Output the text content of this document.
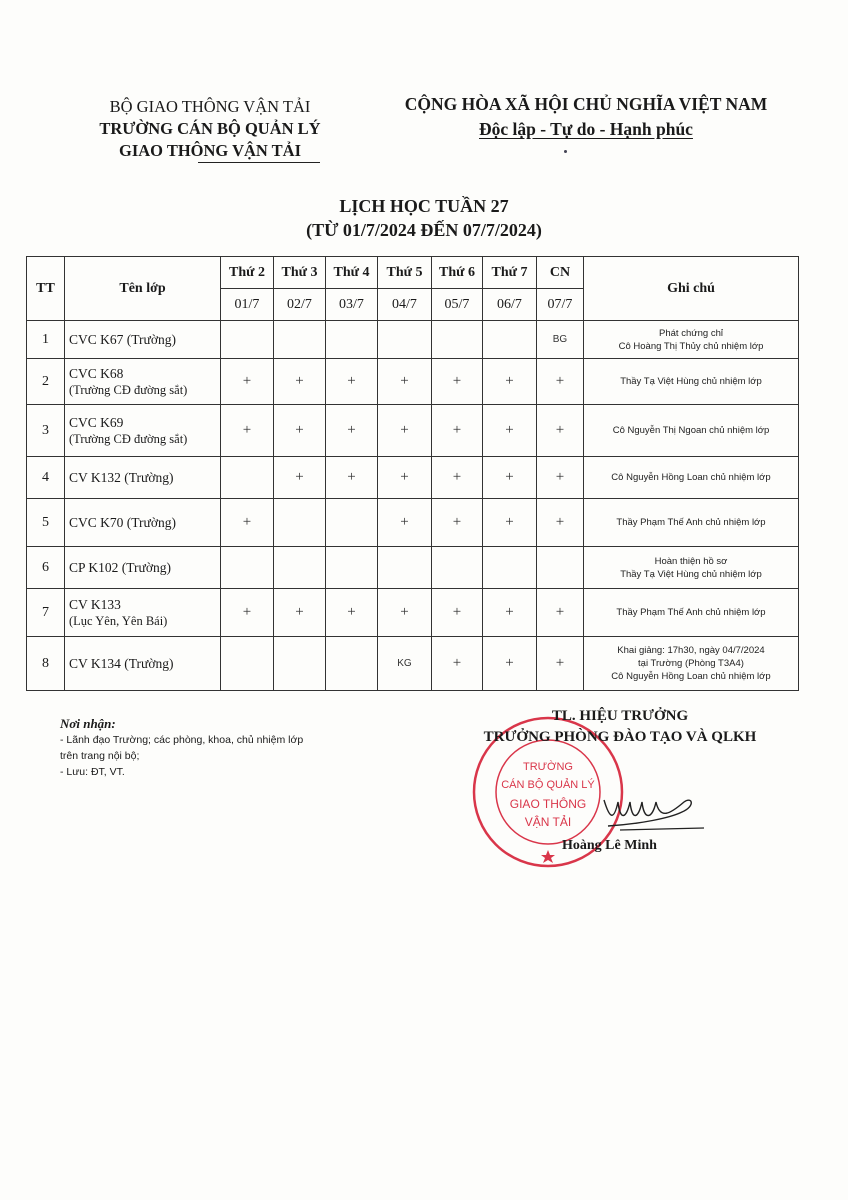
BỘ GIAO THÔNG VẬN TẢI
TRƯỜNG CÁN BỘ QUẢN LÝ
GIAO THÔNG VẬN TẢI
CỘNG HÒA XÃ HỘI CHỦ NGHĨA VIỆT NAM
Độc lập - Tự do - Hạnh phúc
LỊCH HỌC TUẦN 27
(TỪ 01/7/2024 ĐẾN 07/7/2024)
TT	Tên lớp	Thứ 2	Thứ 3	Thứ 4	Thứ 5	Thứ 6	Thứ 7	CN	Ghi chú
		01/7	02/7	03/7	04/7	05/7	06/7	07/7	
1	CVC K67 (Trường)							BG	Phát chứng chỉ
Cô Hoàng Thị Thủy chủ nhiệm lớp

2	CVC K68
(Trường CĐ đường sắt)	+	+	+	+	+	+	+	Thầy Tạ Việt Hùng chủ nhiệm lớp

3	CVC K69
(Trường CĐ đường sắt)	+	+	+	+	+	+	+	Cô Nguyễn Thị Ngoan chủ nhiệm lớp

4	CV K132 (Trường)		+	+	+	+	+	+	Cô Nguyễn Hồng Loan chủ nhiệm lớp

5	CVC K70 (Trường)	+			+	+	+	+	Thầy Phạm Thế Anh chủ nhiệm lớp

6	CP K102 (Trường)								Hoàn thiện hồ sơ
Thầy Tạ Việt Hùng chủ nhiệm lớp

7	CV K133
(Lục Yên, Yên Bái)	+	+	+	+	+	+	+	Thầy Phạm Thế Anh chủ nhiệm lớp

8	CV K134 (Trường)				KG	+	+	+	Khai giảng: 17h30, ngày 04/7/2024
tại Trường (Phòng T3A4)
Cô Nguyễn Hồng Loan chủ nhiệm lớp
Nơi nhận:
- Lãnh đạo Trường; các phòng, khoa, chủ nhiệm lớp
trên trang nội bộ;
- Lưu: ĐT, VT.	TRƯỜNG
CÁN BỘ QUẢN LÝ
GIAO THÔNG
VẬN TẢI
TL. HIỆU TRƯỞNG
TRƯỞNG PHÒNG ĐÀO TẠO VÀ QLKH
Hoàng Lê Minh
